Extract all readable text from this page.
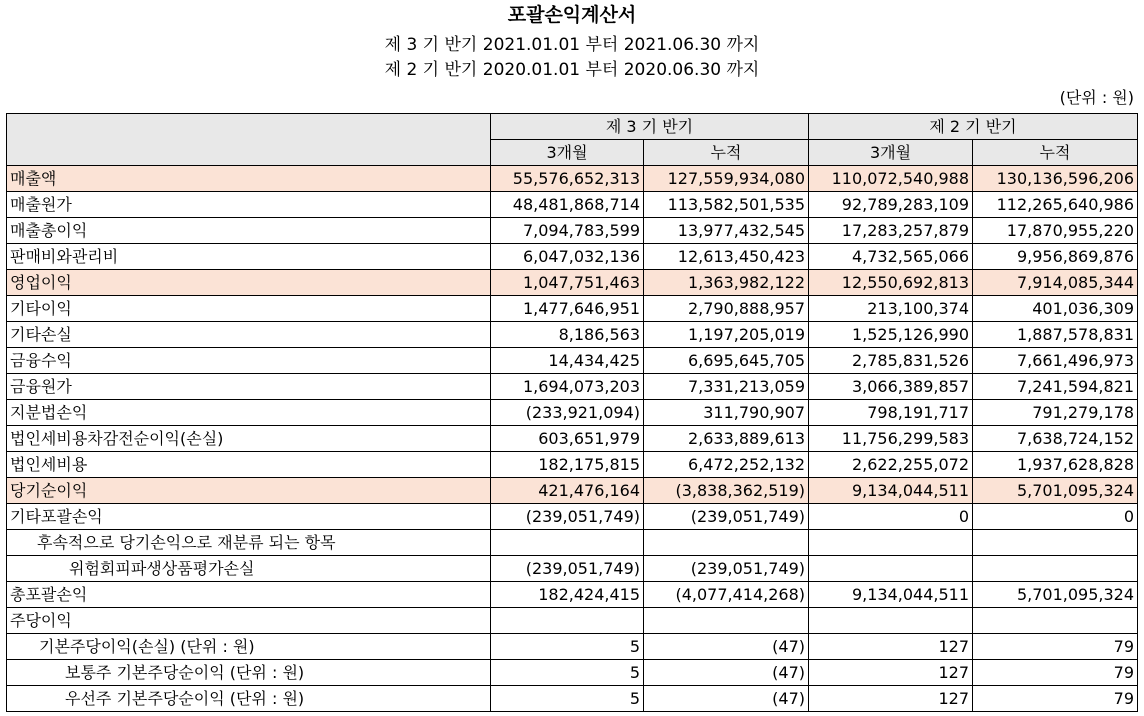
포괄손익계산서
제 3 기 반기 2021.01.01 부터 2021.06.30 까지
제 2 기 반기 2020.01.01 부터 2020.06.30 까지
(단위 : 원)
	제 3 기 반기		제 2 기 반기	
	3개월	누적	3개월	누적
매출액	55,576,652,313	127,559,934,080	110,072,540,988	130,136,596,206
매출원가	48,481,868,714	113,582,501,535	92,789,283,109	112,265,640,986
매출총이익	7,094,783,599	13,977,432,545	17,283,257,879	17,870,955,220
판매비와관리비	6,047,032,136	12,613,450,423	4,732,565,066	9,956,869,876
영업이익	1,047,751,463	1,363,982,122	12,550,692,813	7,914,085,344
기타이익	1,477,646,951	2,790,888,957	213,100,374	401,036,309
기타손실	8,186,563	1,197,205,019	1,525,126,990	1,887,578,831
금융수익	14,434,425	6,695,645,705	2,785,831,526	7,661,496,973
금융원가	1,694,073,203	7,331,213,059	3,066,389,857	7,241,594,821
지분법손익	(233,921,094)	311,790,907	798,191,717	791,279,178
법인세비용차감전순이익(손실)	603,651,979	2,633,889,613	11,756,299,583	7,638,724,152
법인세비용	182,175,815	6,472,252,132	2,622,255,072	1,937,628,828
당기순이익	421,476,164	(3,838,362,519)	9,134,044,511	5,701,095,324
기타포괄손익	(239,051,749)	(239,051,749)	0	0
후속적으로 당기손익으로 재분류 되는 항목				
위험회피파생상품평가손실	(239,051,749)	(239,051,749)		
총포괄손익	182,424,415	(4,077,414,268)	9,134,044,511	5,701,095,324
주당이익				
기본주당이익(손실) (단위 : 원)	5	(47)	127	79
보통주 기본주당순이익 (단위 : 원)	5	(47)	127	79
우선주 기본주당순이익 (단위 : 원)	5	(47)	127	79
